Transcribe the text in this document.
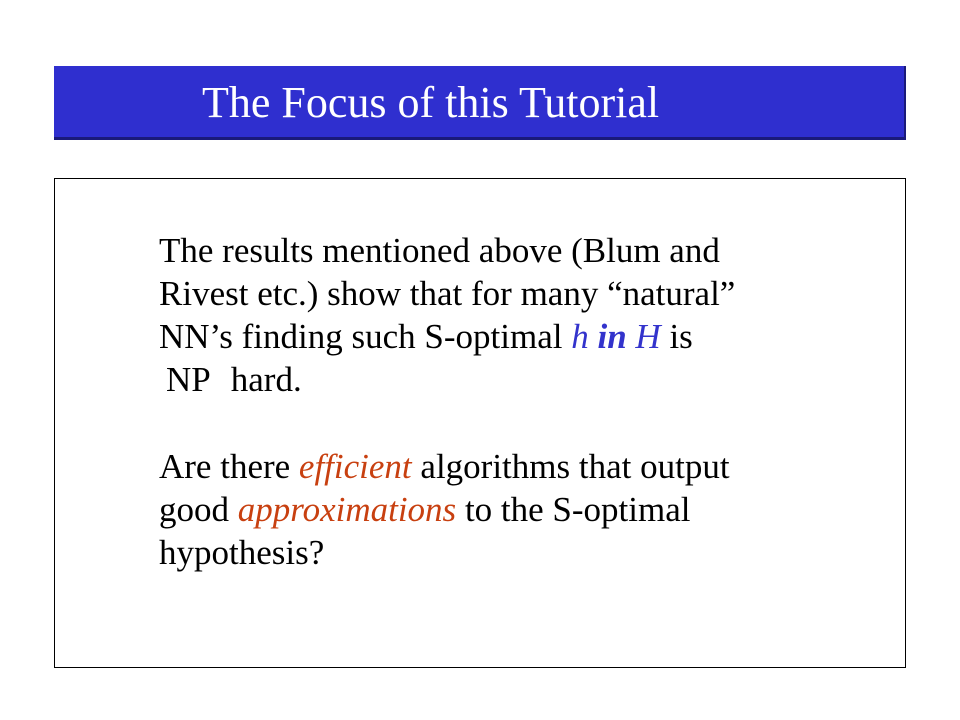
The Focus of this Tutorial
The results mentioned above (Blum and
Rivest etc.) show that for many “natural”
NN’s finding such S-optimal h in H is
NP hard.
Are there efficient algorithms that output
good approximations to the S-optimal
hypothesis?
